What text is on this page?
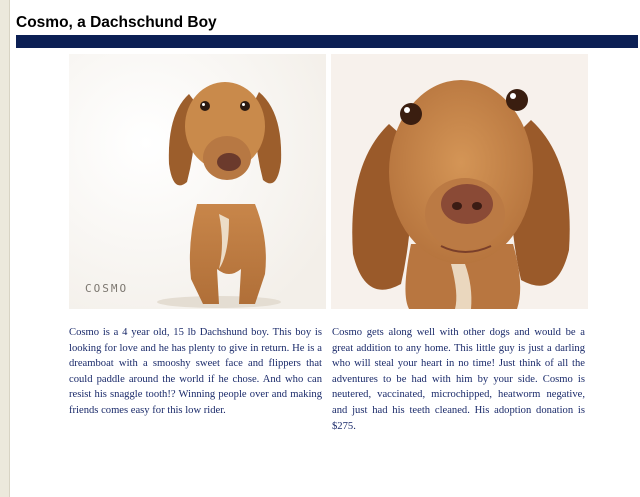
Cosmo, a Dachschund Boy
COSMO
Cosmo is a 4 year old, 15 lb Dachshund boy. This boy is looking for love and he has plenty to give in return. He is a dreamboat with a smooshy sweet face and flippers that could paddle around the world if he chose. And who can resist his snaggle tooth!? Winning people over and making friends comes easy for this low rider.
Cosmo gets along well with other dogs and would be a great addition to any home. This little guy is just a darling who will steal your heart in no time! Just think of all the adventures to be had with him by your side. Cosmo is neutered, vaccinated, microchipped, heatworm negative, and just had his teeth cleaned. His adoption donation is $275.
